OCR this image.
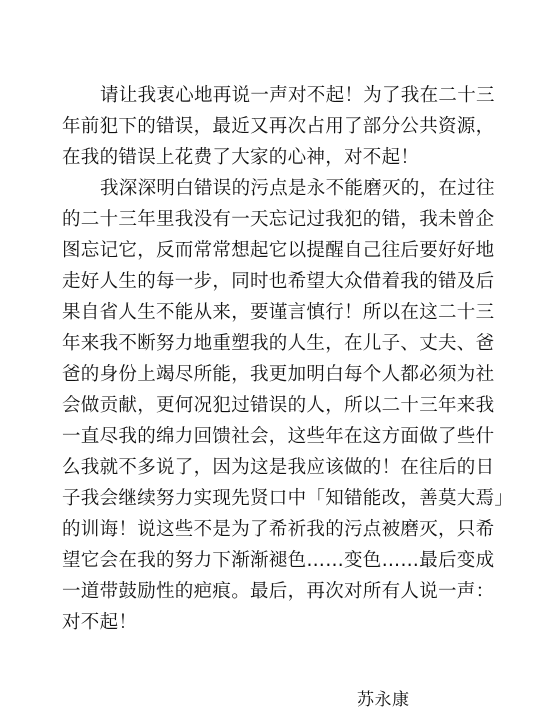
请让我衷心地再说一声对不起！为了我在二十三
年前犯下的错误，最近又再次占用了部分公共资源，
在我的错误上花费了大家的心神，对不起！
我深深明白错误的污点是永不能磨灭的，在过往
的二十三年里我没有一天忘记过我犯的错，我未曾企
图忘记它，反而常常想起它以提醒自己往后要好好地
走好人生的每一步，同时也希望大众借着我的错及后
果自省人生不能从来，要谨言慎行！所以在这二十三
年来我不断努力地重塑我的人生，在儿子、丈夫、爸
爸的身份上竭尽所能，我更加明白每个人都必须为社
会做贡献，更何况犯过错误的人，所以二十三年来我
一直尽我的绵力回馈社会，这些年在这方面做了些什
么我就不多说了，因为这是我应该做的！在往后的日
子我会继续努力实现先贤口中「知错能改，善莫大焉」
的训诲！说这些不是为了希祈我的污点被磨灭，只希
望它会在我的努力下渐渐褪色……变色……最后变成
一道带鼓励性的疤痕。最后，再次对所有人说一声：
对不起！
苏永康
